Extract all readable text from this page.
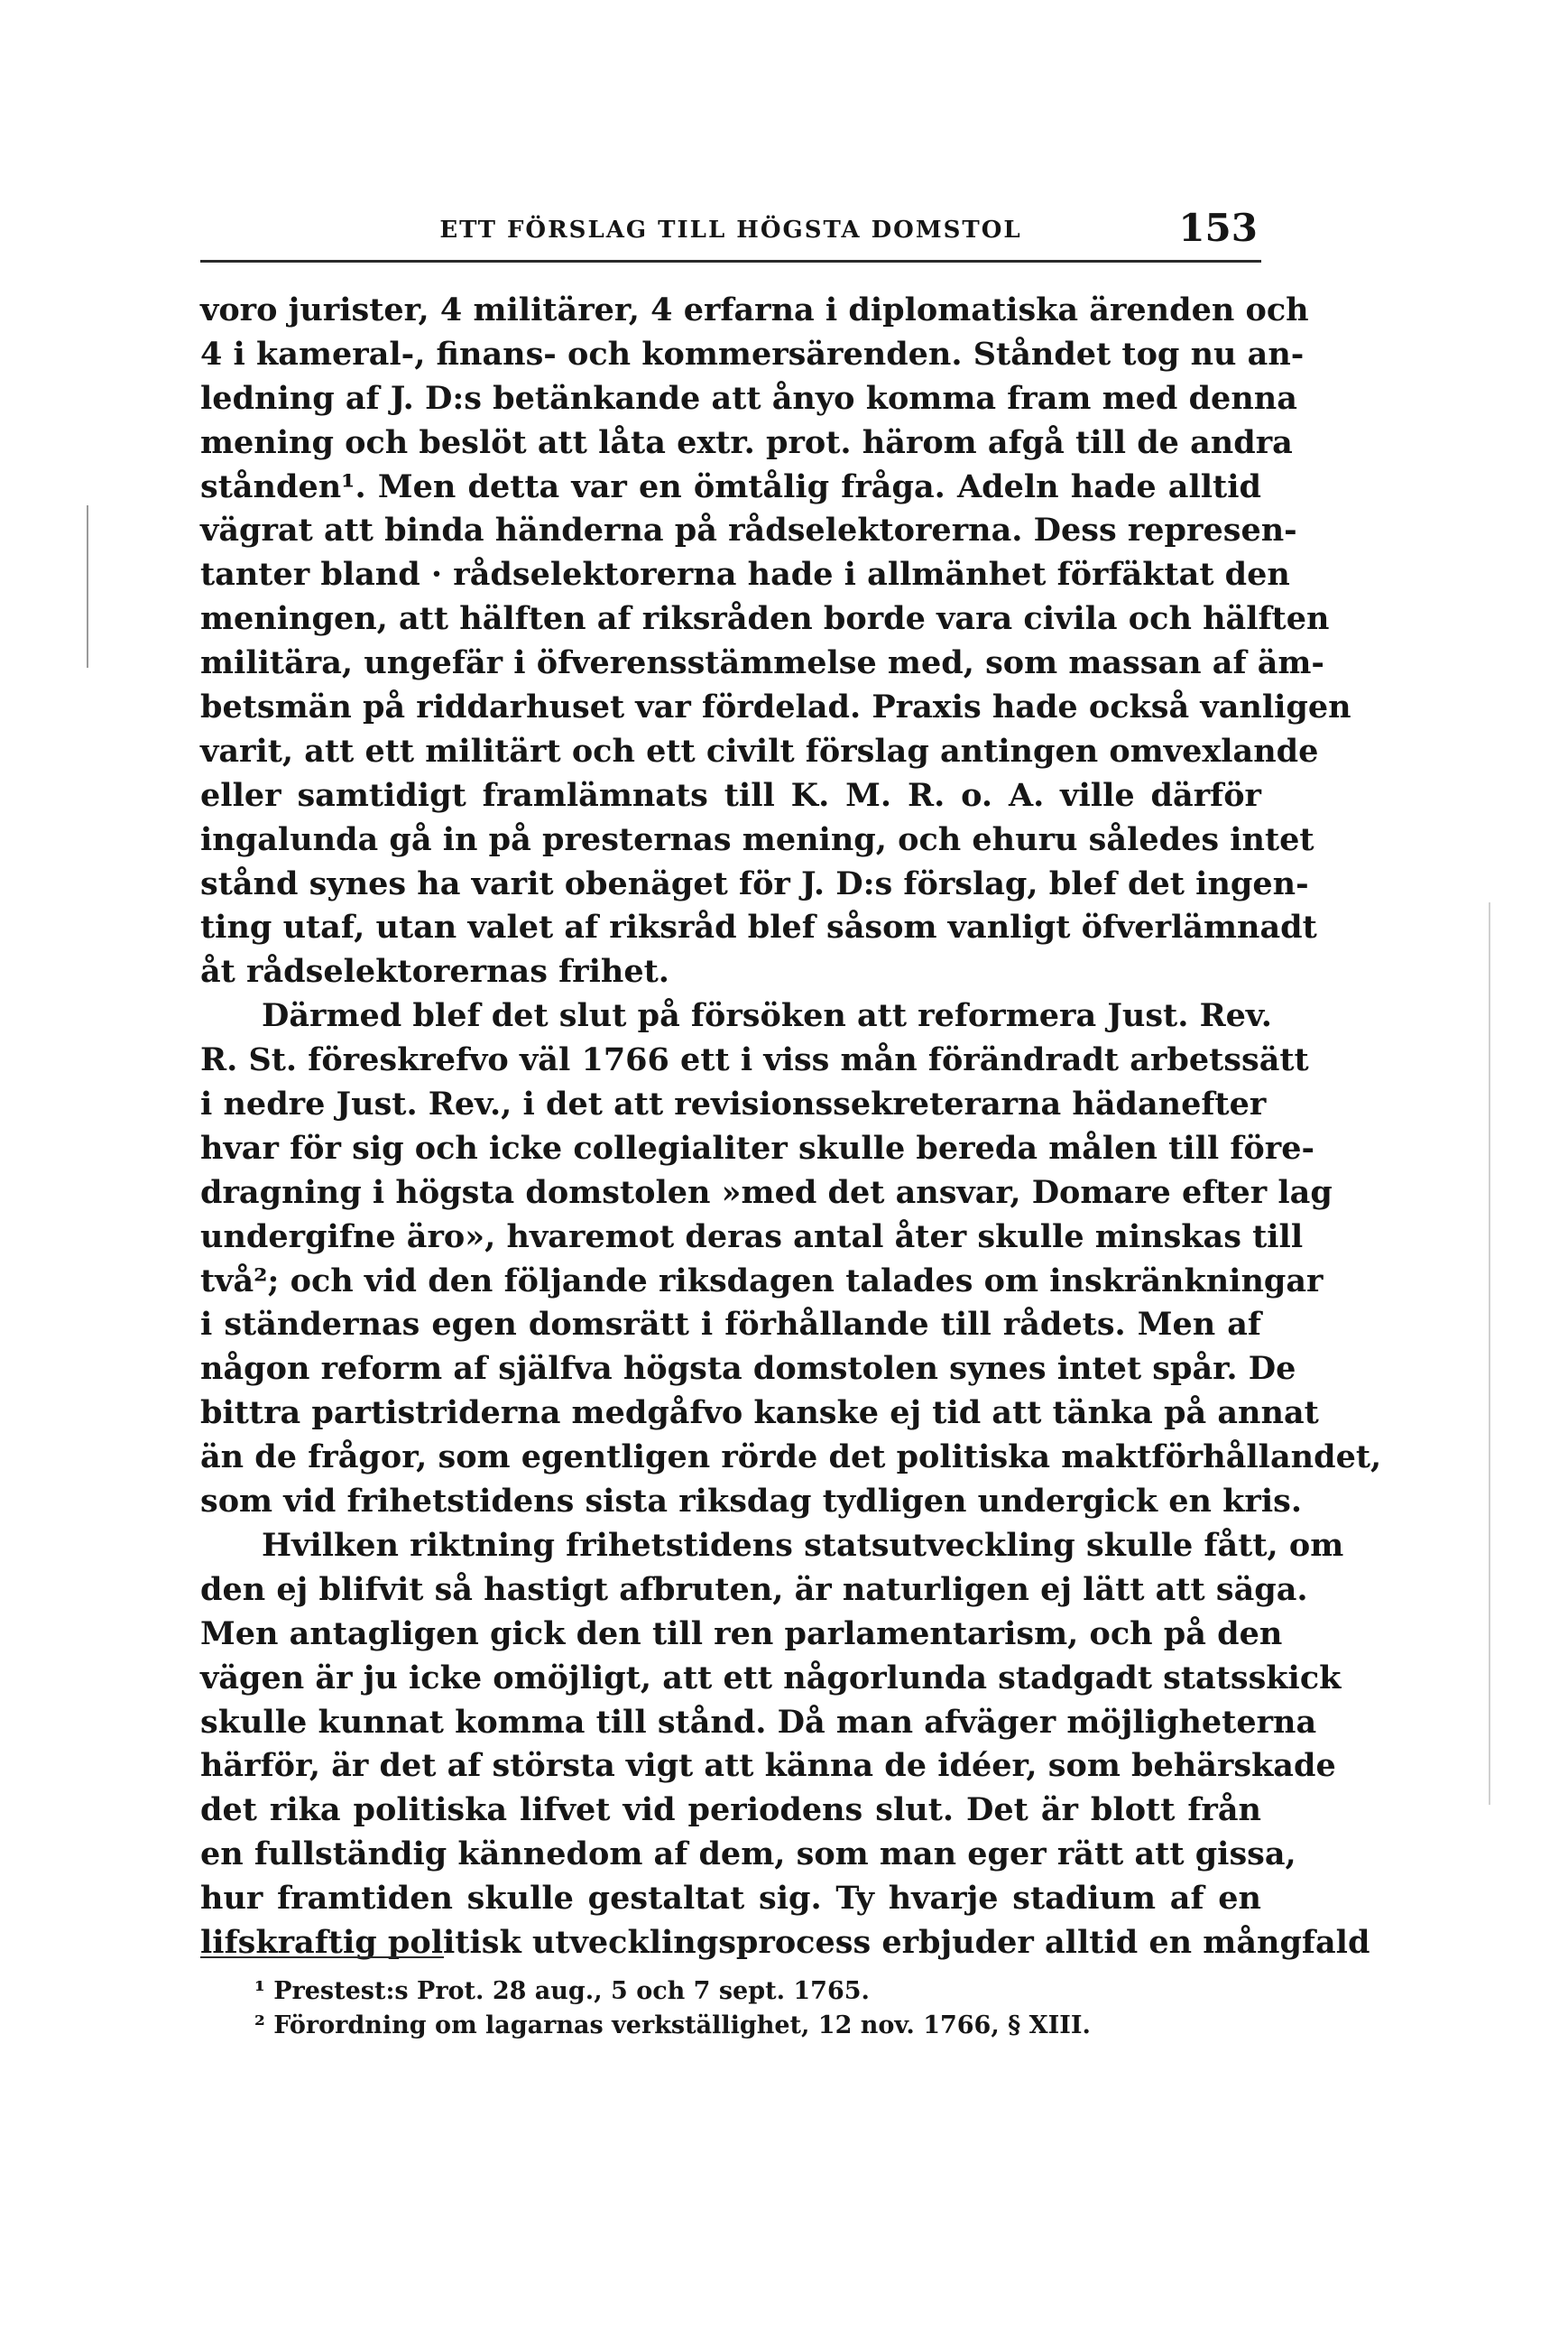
ETT FÖRSLAG TILL HÖGSTA DOMSTOL	153
voro jurister, 4 militärer, 4 erfarna i diplomatiska ärenden och
4 i kameral-, finans- och kommersärenden. Ståndet tog nu an-
ledning af J. D:s betänkande att ånyo komma fram med denna
mening och beslöt att låta extr. prot. härom afgå till de andra
stånden¹. Men detta var en ömtålig fråga. Adeln hade alltid
vägrat att binda händerna på rådselektorerna. Dess represen-
tanter bland · rådselektorerna hade i allmänhet förfäktat den
meningen, att hälften af riksråden borde vara civila och hälften
militära, ungefär i öfverensstämmelse med, som massan af äm-
betsmän på riddarhuset var fördelad. Praxis hade också vanligen
varit, att ett militärt och ett civilt förslag antingen omvexlande
eller samtidigt framlämnats till K. M. R. o. A. ville därför
ingalunda gå in på presternas mening, och ehuru således intet
stånd synes ha varit obenäget för J. D:s förslag, blef det ingen-
ting utaf, utan valet af riksråd blef såsom vanligt öfverlämnadt
åt rådselektorernas frihet.
Därmed blef det slut på försöken att reformera Just. Rev.
R. St. föreskrefvo väl 1766 ett i viss mån förändradt arbetssätt
i nedre Just. Rev., i det att revisionssekreterarna hädanefter
hvar för sig och icke collegialiter skulle bereda målen till före-
dragning i högsta domstolen »med det ansvar, Domare efter lag
undergifne äro», hvaremot deras antal åter skulle minskas till
två²; och vid den följande riksdagen talades om inskränkningar
i ständernas egen domsrätt i förhållande till rådets. Men af
någon reform af själfva högsta domstolen synes intet spår. De
bittra partistriderna medgåfvo kanske ej tid att tänka på annat
än de frågor, som egentligen rörde det politiska maktförhållandet,
som vid frihetstidens sista riksdag tydligen undergick en kris.
Hvilken riktning frihetstidens statsutveckling skulle fått, om
den ej blifvit så hastigt afbruten, är naturligen ej lätt att säga.
Men antagligen gick den till ren parlamentarism, och på den
vägen är ju icke omöjligt, att ett någorlunda stadgadt statsskick
skulle kunnat komma till stånd. Då man afväger möjligheterna
härför, är det af största vigt att känna de idéer, som behärskade
det rika politiska lifvet vid periodens slut. Det är blott från
en fullständig kännedom af dem, som man eger rätt att gissa,
hur framtiden skulle gestaltat sig. Ty hvarje stadium af en
lifskraftig politisk utvecklingsprocess erbjuder alltid en mångfald
¹ Prestest:s Prot. 28 aug., 5 och 7 sept. 1765.
² Förordning om lagarnas verkställighet, 12 nov. 1766, § XIII.
